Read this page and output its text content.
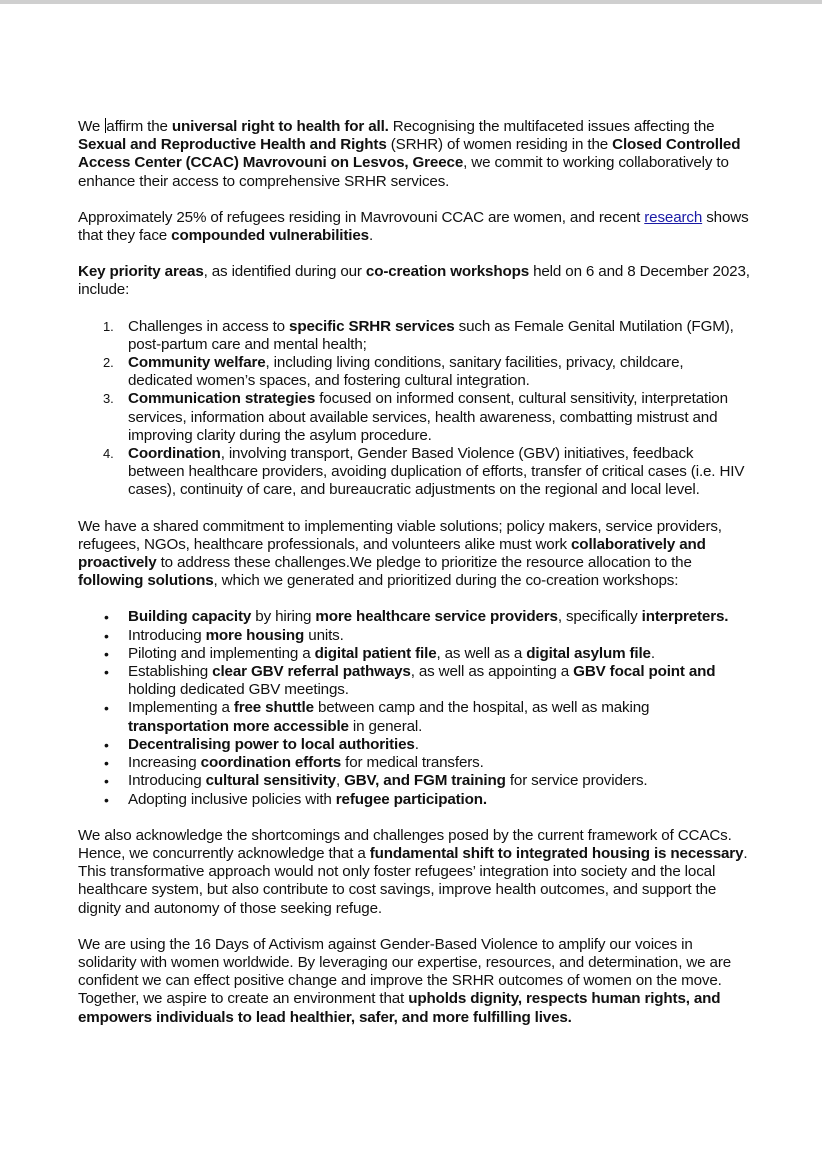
We affirm the universal right to health for all. Recognising the multifaceted issues affecting the Sexual and Reproductive Health and Rights (SRHR) of women residing in the Closed Controlled Access Center (CCAC) Mavrovouni on Lesvos, Greece, we commit to working collaboratively to enhance their access to comprehensive SRHR services.

Approximately 25% of refugees residing in Mavrovouni CCAC are women, and recent research shows that they face compounded vulnerabilities.

Key priority areas, as identified during our co-creation workshops held on 6 and 8 December 2023, include:

1. Challenges in access to specific SRHR services such as Female Genital Mutilation (FGM), post-partum care and mental health;
2. Community welfare, including living conditions, sanitary facilities, privacy, childcare, dedicated women’s spaces, and fostering cultural integration.
3. Communication strategies focused on informed consent, cultural sensitivity, interpretation services, information about available services, health awareness, combatting mistrust and improving clarity during the asylum procedure.
4. Coordination, involving transport, Gender Based Violence (GBV) initiatives, feedback between healthcare providers, avoiding duplication of efforts, transfer of critical cases (i.e. HIV cases), continuity of care, and bureaucratic adjustments on the regional and local level.

We have a shared commitment to implementing viable solutions; policy makers, service providers, refugees, NGOs, healthcare professionals, and volunteers alike must work collaboratively and proactively to address these challenges.We pledge to prioritize the resource allocation to the following solutions, which we generated and prioritized during the co-creation workshops:

• Building capacity by hiring more healthcare service providers, specifically interpreters.
• Introducing more housing units.
• Piloting and implementing a digital patient file, as well as a digital asylum file.
• Establishing clear GBV referral pathways, as well as appointing a GBV focal point and holding dedicated GBV meetings.
• Implementing a free shuttle between camp and the hospital, as well as making transportation more accessible in general.
• Decentralising power to local authorities.
• Increasing coordination efforts for medical transfers.
• Introducing cultural sensitivity, GBV, and FGM training for service providers.
• Adopting inclusive policies with refugee participation.

We also acknowledge the shortcomings and challenges posed by the current framework of CCACs. Hence, we concurrently acknowledge that a fundamental shift to integrated housing is necessary. This transformative approach would not only foster refugees’ integration into society and the local healthcare system, but also contribute to cost savings, improve health outcomes, and support the dignity and autonomy of those seeking refuge.

We are using the 16 Days of Activism against Gender-Based Violence to amplify our voices in solidarity with women worldwide. By leveraging our expertise, resources, and determination, we are confident we can effect positive change and improve the SRHR outcomes of women on the move. Together, we aspire to create an environment that upholds dignity, respects human rights, and empowers individuals to lead healthier, safer, and more fulfilling lives.
